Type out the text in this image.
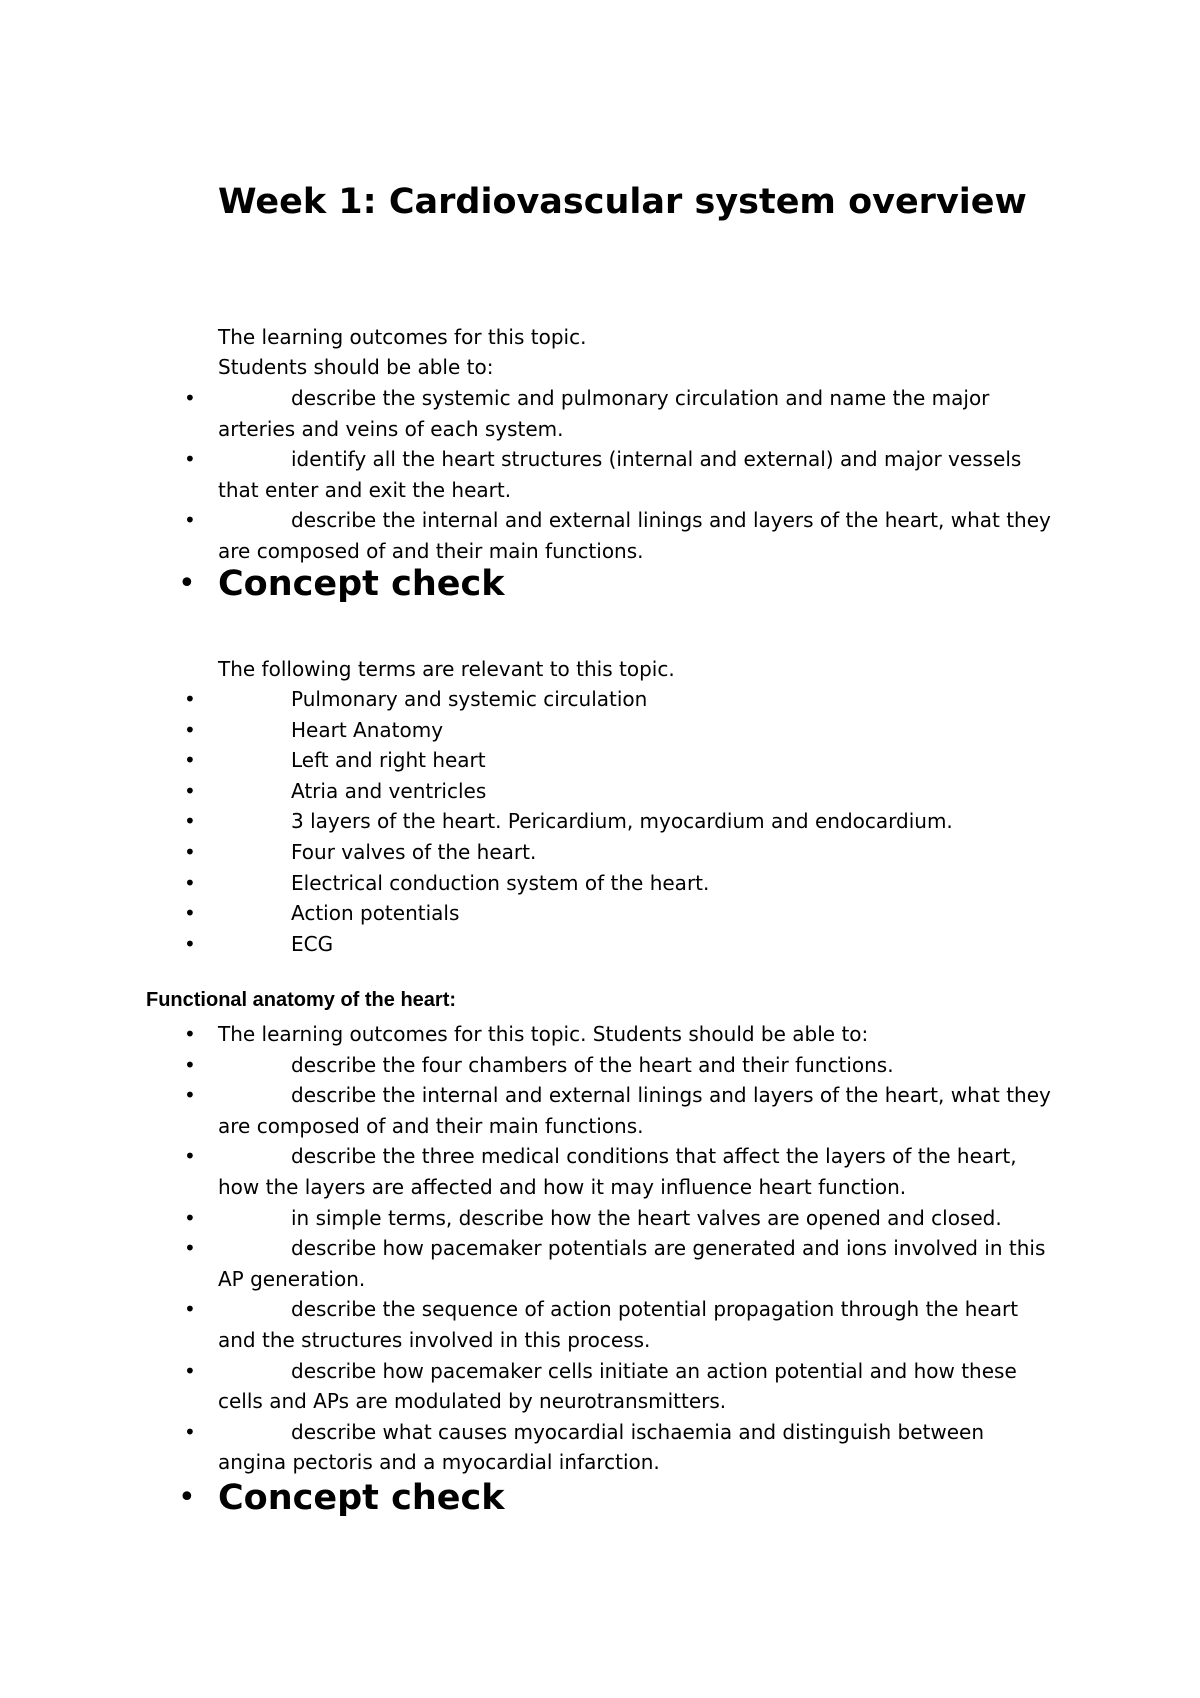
Week 1: Cardiovascular system overview

The learning outcomes for this topic.

Students should be able to:

•	describe the systemic and pulmonary circulation and name the major
arteries and veins of each system.
•	identify all the heart structures (internal and external) and major vessels
that enter and exit the heart.
•	describe the internal and external linings and layers of the heart, what they
are composed of and their main functions.
• Concept check

The following terms are relevant to this topic.

•	Pulmonary and systemic circulation
•	Heart Anatomy
•	Left and right heart
•	Atria and ventricles
•	3 layers of the heart. Pericardium, myocardium and endocardium.
•	Four valves of the heart.
•	Electrical conduction system of the heart.
•	Action potentials
•	ECG
Functional anatomy of the heart:
•	The learning outcomes for this topic. Students should be able to:
•	describe the four chambers of the heart and their functions.
•	describe the internal and external linings and layers of the heart, what they
are composed of and their main functions.
•	describe the three medical conditions that affect the layers of the heart,
how the layers are affected and how it may influence heart function.
•	in simple terms, describe how the heart valves are opened and closed.
•	describe how pacemaker potentials are generated and ions involved in this
AP generation.
•	describe the sequence of action potential propagation through the heart
and the structures involved in this process.
•	describe how pacemaker cells initiate an action potential and how these
cells and APs are modulated by neurotransmitters.
•	describe what causes myocardial ischaemia and distinguish between
angina pectoris and a myocardial infarction.
• Concept check
